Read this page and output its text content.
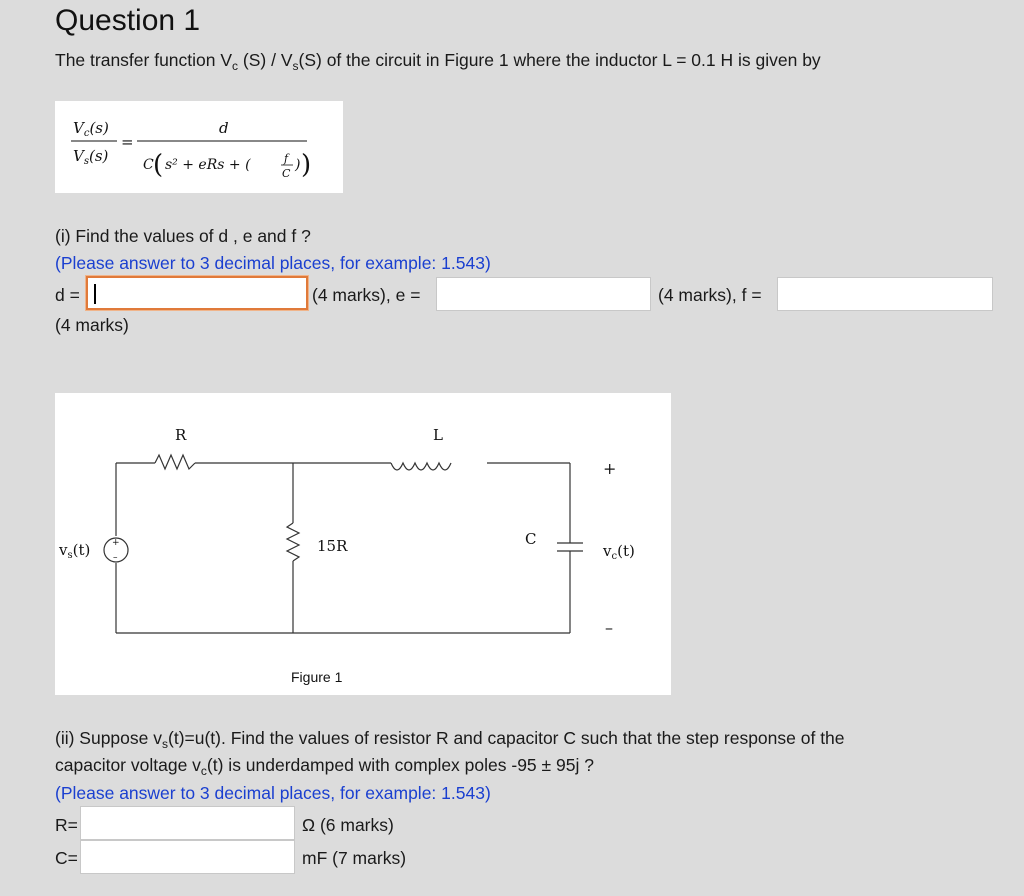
Question 1
The transfer function $V_c$ $(S) / V_s(S)$ of the circuit in Figure 1 where the inductor L = 0.1 H is given by
$V_c(s)$
$V_s(s)$
=
d
C ( s² + eRs + (	f
C
) )
(i) Find the values of d , e and f ?
(Please answer to 3 decimal places, for example: 1.543)
d =	(4 marks), e =	(4 marks), f =
(4 marks)
+
–
R	L
15R	C
$v_s(t)$	$v_c(t)$
+
–
Figure 1
(ii) Suppose $v_s(t)=u(t)$. Find the values of resistor R and capacitor C such that the step response of the
capacitor voltage $v_c(t)$ is underdamped with complex poles -95 ± 95j ?
(Please answer to 3 decimal places, for example: 1.543)
R=	Ω (6 marks)
C=	mF (7 marks)
